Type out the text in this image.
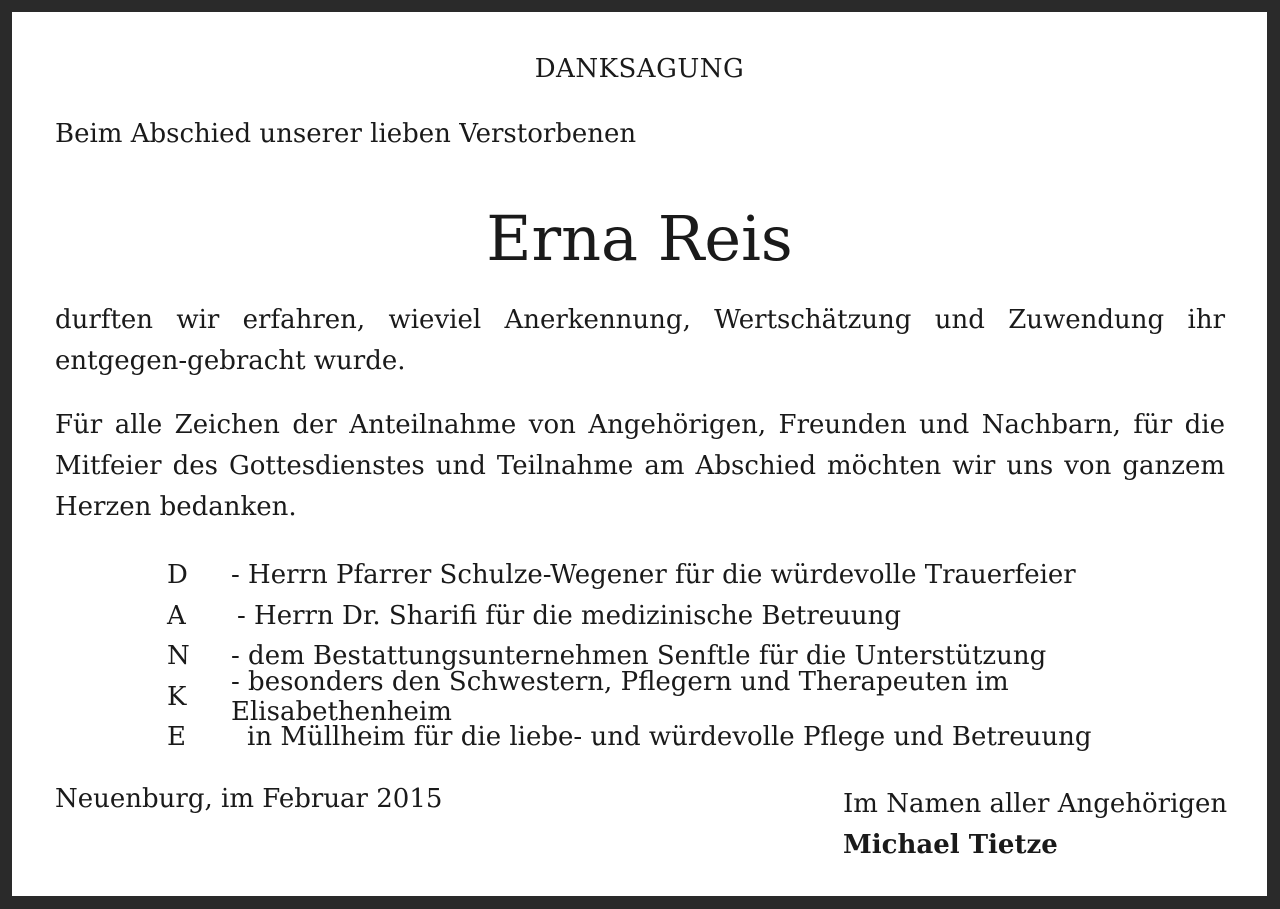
DANKSAGUNG
Beim Abschied unserer lieben Verstorbenen
Erna Reis
durften wir erfahren, wieviel Anerkennung, Wertschätzung und Zuwendung ihr entgegen-gebracht wurde.
Für alle Zeichen der Anteilnahme von Angehörigen, Freunden und Nachbarn, für die Mitfeier des Gottesdienstes und Teilnahme am Abschied möchten wir uns von ganzem Herzen bedanken.
D	- Herrn Pfarrer Schulze-Wegener für die würdevolle Trauerfeier
A	- Herrn Dr. Sharifi für die medizinische Betreuung
N	- dem Bestattungsunternehmen Senftle für die Unterstützung
K	- besonders den Schwestern, Pflegern und Therapeuten im Elisabethenheim
E	in Müllheim für die liebe- und würdevolle Pflege und Betreuung
Neuenburg, im Februar 2015	Im Namen aller Angehörigen
Michael Tietze
